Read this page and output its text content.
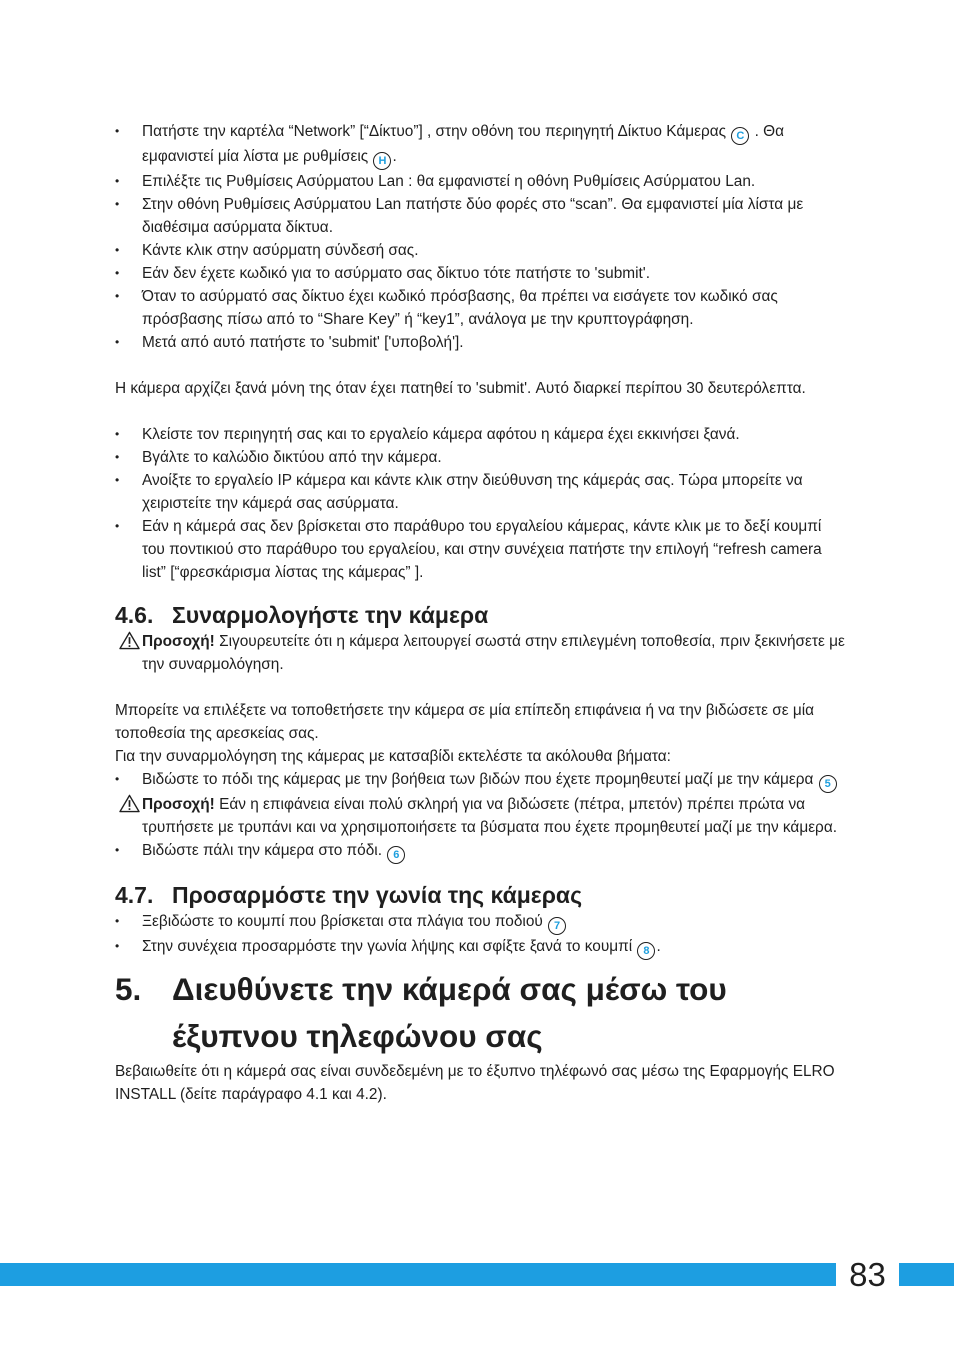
• Πατήστε την καρτέλα “Network” [“Δίκτυο”] , στην οθόνη του περιηγητή Δίκτυο Κάμερας C . Θα εμφανιστεί μία λίστα με ρυθμίσεις H .
• Επιλέξτε τις Ρυθμίσεις Ασύρματου Lan : θα εμφανιστεί η οθόνη Ρυθμίσεις Ασύρματου Lan.
• Στην οθόνη Ρυθμίσεις Ασύρματου Lan πατήστε δύο φορές στο “scan”. Θα εμφανιστεί μία λίστα με διαθέσιμα ασύρματα δίκτυα.
• Κάντε κλικ στην ασύρματη σύνδεσή σας.
• Εάν δεν έχετε κωδικό για το ασύρματο σας δίκτυο τότε πατήστε το 'submit'.
• Όταν το ασύρματό σας δίκτυο έχει κωδικό πρόσβασης, θα πρέπει να εισάγετε τον κωδικό σας πρόσβασης πίσω από το “Share Key” ή “key1”, ανάλογα με την κρυπτογράφηση.
• Μετά από αυτό πατήστε το 'submit' ['υποβολή'].

Η κάμερα αρχίζει ξανά μόνη της όταν έχει πατηθεί το 'submit'. Αυτό διαρκεί περίπου 30 δευτερόλεπτα.

• Κλείστε τον περιηγητή σας και το εργαλείο κάμερα αφότου η κάμερα έχει εκκινήσει ξανά.
• Βγάλτε το καλώδιο δικτύου από την κάμερα.
• Ανοίξτε το εργαλείο IP κάμερα και κάντε κλικ στην διεύθυνση της κάμεράς σας. Τώρα μπορείτε να χειριστείτε την κάμερά σας ασύρματα.
• Εάν η κάμερά σας δεν βρίσκεται στο παράθυρο του εργαλείου κάμερας, κάντε κλικ με το δεξί κουμπί του ποντικιού στο παράθυρο του εργαλείου, και στην συνέχεια πατήστε την επιλογή “refresh camera list” [“φρεσκάρισμα λίστας της κάμερας” ].
4.6. Συναρμολογήστε την κάμερα
Προσοχή! Σιγουρευτείτε ότι η κάμερα λειτουργεί σωστά στην επιλεγμένη τοποθεσία, πριν ξεκινήσετε με την συναρμολόγηση.

Μπορείτε να επιλέξετε να τοποθετήσετε την κάμερα σε μία επίπεδη επιφάνεια ή να την βιδώσετε σε μία τοποθεσία της αρεσκείας σας.

Για την συναρμολόγηση της κάμερας με κατσαβίδι εκτελέστε τα ακόλουθα βήματα:

• Βιδώστε το πόδι της κάμερας με την βοήθεια των βιδών που έχετε προμηθευτεί μαζί με την κάμερα 5
Προσοχή! Εάν η επιφάνεια είναι πολύ σκληρή για να βιδώσετε (πέτρα, μπετόν) πρέπει πρώτα να τρυπήσετε με τρυπάνι και να χρησιμοποιήσετε τα βύσματα που έχετε προμηθευτεί μαζί με την κάμερα.
• Βιδώστε πάλι την κάμερα στο πόδι. 6
4.7. Προσαρμόστε την γωνία της κάμερας
• Ξεβιδώστε το κουμπί που βρίσκεται στα πλάγια του ποδιού 7
• Στην συνέχεια προσαρμόστε την γωνία λήψης και σφίξτε ξανά το κουμπί 8 .
5. Διευθύνετε την κάμερά σας μέσω του έξυπνου τηλεφώνου σας

Βεβαιωθείτε ότι η κάμερά σας είναι συνδεδεμένη με το έξυπνο τηλέφωνό σας μέσω της Εφαρμογής ELRO INSTALL (δείτε παράγραφο 4.1 και 4.2).

83
